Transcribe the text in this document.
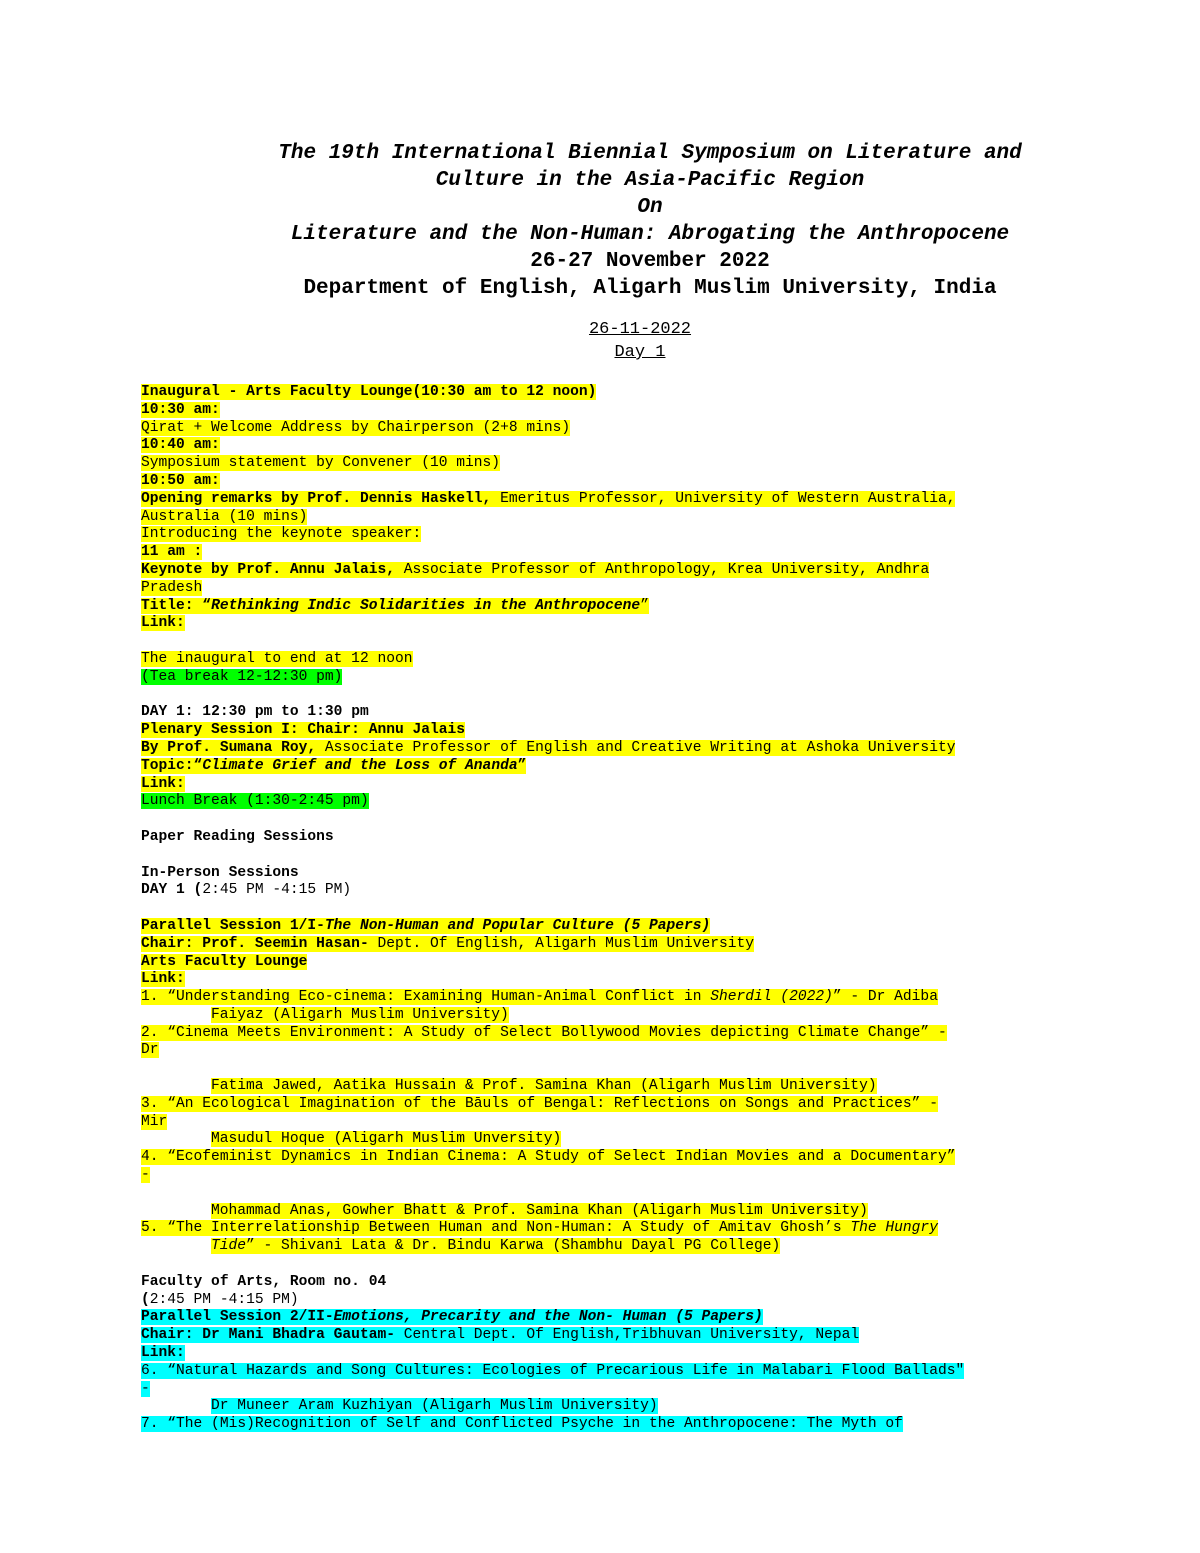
The 19th International Biennial Symposium on Literature and
Culture in the Asia-Pacific Region
On
Literature and the Non-Human: Abrogating the Anthropocene
26-27 November 2022
Department of English, Aligarh Muslim University, India
26-11-2022
Day 1
Inaugural - Arts Faculty Lounge(10:30 am to 12 noon)
10:30 am:
Qirat + Welcome Address by Chairperson (2+8 mins)
10:40 am:
Symposium statement by Convener (10 mins)
10:50 am:
Opening remarks by Prof. Dennis Haskell, Emeritus Professor, University of Western Australia,
Australia (10 mins)
Introducing the keynote speaker:
11 am :
Keynote by Prof. Annu Jalais, Associate Professor of Anthropology, Krea University, Andhra
Pradesh
Title: “Rethinking Indic Solidarities in the Anthropocene”
Link:
The inaugural to end at 12 noon
(Tea break 12-12:30 pm)
DAY 1: 12:30 pm to 1:30 pm
Plenary Session I: Chair: Annu Jalais
By Prof. Sumana Roy, Associate Professor of English and Creative Writing at Ashoka University
Topic:“Climate Grief and the Loss of Ananda”
Link:
Lunch Break (1:30-2:45 pm)
Paper Reading Sessions
In-Person Sessions
DAY 1 (2:45 PM -4:15 PM)
Parallel Session 1/I-The Non-Human and Popular Culture (5 Papers)
Chair: Prof. Seemin Hasan- Dept. Of English, Aligarh Muslim University
Arts Faculty Lounge
Link:
1. “Understanding Eco-cinema: Examining Human-Animal Conflict in Sherdil (2022)” - Dr Adiba
Faiyaz (Aligarh Muslim University)
2. “Cinema Meets Environment: A Study of Select Bollywood Movies depicting Climate Change” -
Dr
Fatima Jawed, Aatika Hussain & Prof. Samina Khan (Aligarh Muslim University)
3. “An Ecological Imagination of the Bāuls of Bengal: Reflections on Songs and Practices” -
Mir
Masudul Hoque (Aligarh Muslim Unversity)
4. “Ecofeminist Dynamics in Indian Cinema: A Study of Select Indian Movies and a Documentary”
-
Mohammad Anas, Gowher Bhatt & Prof. Samina Khan (Aligarh Muslim University)
5. “The Interrelationship Between Human and Non-Human: A Study of Amitav Ghosh’s The Hungry
Tide” - Shivani Lata & Dr. Bindu Karwa (Shambhu Dayal PG College)
Faculty of Arts, Room no. 04
(2:45 PM -4:15 PM)
Parallel Session 2/II-Emotions, Precarity and the Non- Human (5 Papers)
Chair: Dr Mani Bhadra Gautam- Central Dept. Of English,Tribhuvan University, Nepal
Link:
6. “Natural Hazards and Song Cultures: Ecologies of Precarious Life in Malabari Flood Ballads"
-
Dr Muneer Aram Kuzhiyan (Aligarh Muslim University)
7. “The (Mis)Recognition of Self and Conflicted Psyche in the Anthropocene: The Myth of
